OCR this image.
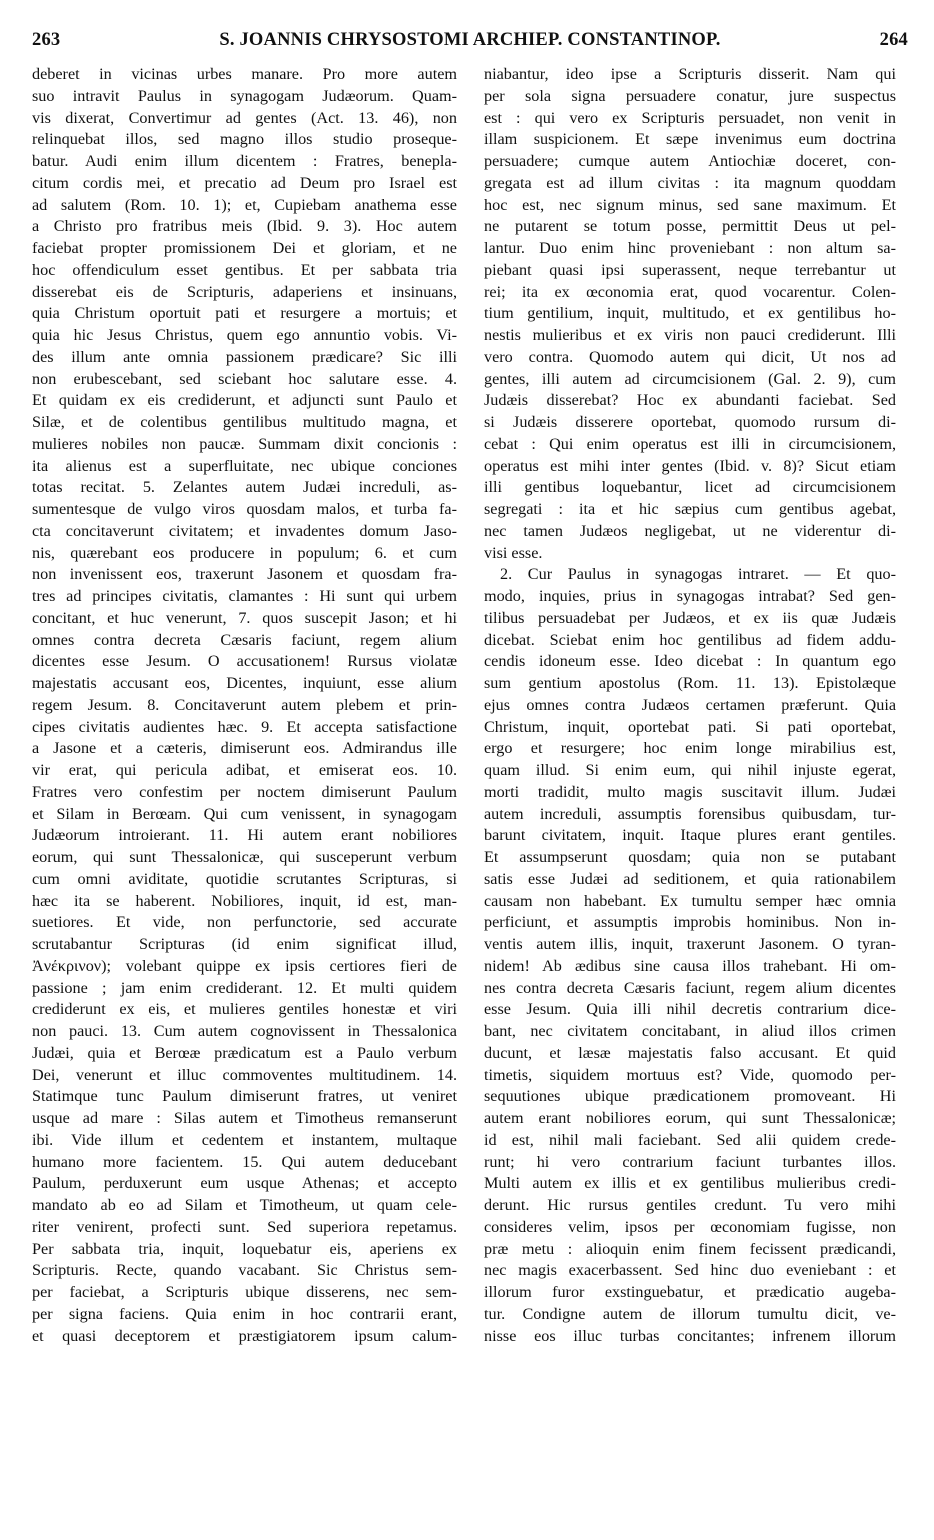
263	S. JOANNIS CHRYSOSTOMI ARCHIEP. CONSTANTINOP.	264
deberet in vicinas urbes manare. Pro more autem
suo intravit Paulus in synagogam Judæorum. Quam-
vis dixerat, Convertimur ad gentes (Act. 13. 46), non
relinquebat illos, sed magno illos studio proseque-
batur. Audi enim illum dicentem : Fratres, benepla-
citum cordis mei, et precatio ad Deum pro Israel est
ad salutem (Rom. 10. 1); et, Cupiebam anathema esse
a Christo pro fratribus meis (Ibid. 9. 3). Hoc autem
faciebat propter promissionem Dei et gloriam, et ne
hoc offendiculum esset gentibus. Et per sabbata tria
disserebat eis de Scripturis, adaperiens et insinuans,
quia Christum oportuit pati et resurgere a mortuis; et
quia hic Jesus Christus, quem ego annuntio vobis. Vi-
des illum ante omnia passionem prædicare? Sic illi
non erubescebant, sed sciebant hoc salutare esse. 4.
Et quidam ex eis crediderunt, et adjuncti sunt Paulo et
Silæ, et de colentibus gentilibus multitudo magna, et
mulieres nobiles non paucæ. Summam dixit concionis :
ita alienus est a superfluitate, nec ubique conciones
totas recitat. 5. Zelantes autem Judæi increduli, as-
sumentesque de vulgo viros quosdam malos, et turba fa-
cta concitaverunt civitatem; et invadentes domum Jaso-
nis, quærebant eos producere in populum; 6. et cum
non invenissent eos, traxerunt Jasonem et quosdam fra-
tres ad principes civitatis, clamantes : Hi sunt qui urbem
concitant, et huc venerunt, 7. quos suscepit Jason; et hi
omnes contra decreta Cæsaris faciunt, regem alium
dicentes esse Jesum. O accusationem! Rursus violatæ
majestatis accusant eos, Dicentes, inquiunt, esse alium
regem Jesum. 8. Concitaverunt autem plebem et prin-
cipes civitatis audientes hæc. 9. Et accepta satisfactione
a Jasone et a cæteris, dimiserunt eos. Admirandus ille
vir erat, qui pericula adibat, et emiserat eos. 10.
Fratres vero confestim per noctem dimiserunt Paulum
et Silam in Berœam. Qui cum venissent, in synagogam
Judæorum introierant. 11. Hi autem erant nobiliores
eorum, qui sunt Thessalonicæ, qui susceperunt verbum
cum omni aviditate, quotidie scrutantes Scripturas, si
hæc ita se haberent. Nobiliores, inquit, id est, man-
suetiores. Et vide, non perfunctorie, sed accurate
scrutabantur Scripturas (id enim significat illud,
Ἀνέκρινον); volebant quippe ex ipsis certiores fieri de
passione ; jam enim crediderant. 12. Et multi quidem
crediderunt ex eis, et mulieres gentiles honestæ et viri
non pauci. 13. Cum autem cognovissent in Thessalonica
Judæi, quia et Berœæ prædicatum est a Paulo verbum
Dei, venerunt et illuc commoventes multitudinem. 14.
Statimque tunc Paulum dimiserunt fratres, ut veniret
usque ad mare : Silas autem et Timotheus remanserunt
ibi. Vide illum et cedentem et instantem, multaque
humano more facientem. 15. Qui autem deducebant
Paulum, perduxerunt eum usque Athenas; et accepto
mandato ab eo ad Silam et Timotheum, ut quam cele-
riter venirent, profecti sunt. Sed superiora repetamus.
Per sabbata tria, inquit, loquebatur eis, aperiens ex
Scripturis. Recte, quando vacabant. Sic Christus sem-
per faciebat, a Scripturis ubique disserens, nec sem-
per signa faciens. Quia enim in hoc contrarii erant,
et quasi deceptorem et præstigiatorem ipsum calum-
niabantur, ideo ipse a Scripturis disserit. Nam qui
per sola signa persuadere conatur, jure suspectus
est : qui vero ex Scripturis persuadet, non venit in
illam suspicionem. Et sæpe invenimus eum doctrina
persuadere; cumque autem Antiochiæ doceret, con-
gregata est ad illum civitas : ita magnum quoddam
hoc est, nec signum minus, sed sane maximum. Et
ne putarent se totum posse, permittit Deus ut pel-
lantur. Duo enim hinc proveniebant : non altum sa-
piebant quasi ipsi superassent, neque terrebantur ut
rei; ita ex œconomia erat, quod vocarentur. Colen-
tium gentilium, inquit, multitudo, et ex gentilibus ho-
nestis mulieribus et ex viris non pauci crediderunt. Illi
vero contra. Quomodo autem qui dicit, Ut nos ad
gentes, illi autem ad circumcisionem (Gal. 2. 9), cum
Judæis disserebat? Hoc ex abundanti faciebat. Sed
si Judæis disserere oportebat, quomodo rursum di-
cebat : Qui enim operatus est illi in circumcisionem,
operatus est mihi inter gentes (Ibid. v. 8)? Sicut etiam
illi gentibus loquebantur, licet ad circumcisionem
segregati : ita et hic sæpius cum gentibus agebat,
nec tamen Judæos negligebat, ut ne viderentur di-
visi esse.
2. Cur Paulus in synagogas intraret. — Et quo-
modo, inquies, prius in synagogas intrabat? Sed gen-
tilibus persuadebat per Judæos, et ex iis quæ Judæis
dicebat. Sciebat enim hoc gentilibus ad fidem addu-
cendis idoneum esse. Ideo dicebat : In quantum ego
sum gentium apostolus (Rom. 11. 13). Epistolæque
ejus omnes contra Judæos certamen præferunt. Quia
Christum, inquit, oportebat pati. Si pati oportebat,
ergo et resurgere; hoc enim longe mirabilius est,
quam illud. Si enim eum, qui nihil injuste egerat,
morti tradidit, multo magis suscitavit illum. Judæi
autem increduli, assumptis forensibus quibusdam, tur-
barunt civitatem, inquit. Itaque plures erant gentiles.
Et assumpserunt quosdam; quia non se putabant
satis esse Judæi ad seditionem, et quia rationabilem
causam non habebant. Ex tumultu semper hæc omnia
perficiunt, et assumptis improbis hominibus. Non in-
ventis autem illis, inquit, traxerunt Jasonem. O tyran-
nidem! Ab ædibus sine causa illos trahebant. Hi om-
nes contra decreta Cæsaris faciunt, regem alium dicentes
esse Jesum. Quia illi nihil decretis contrarium dice-
bant, nec civitatem concitabant, in aliud illos crimen
ducunt, et læsæ majestatis falso accusant. Et quid
timetis, siquidem mortuus est? Vide, quomodo per-
sequutiones ubique prædicationem promoveant. Hi
autem erant nobiliores eorum, qui sunt Thessalonicæ;
id est, nihil mali faciebant. Sed alii quidem crede-
runt; hi vero contrarium faciunt turbantes illos.
Multi autem ex illis et ex gentilibus mulieribus credi-
derunt. Hic rursus gentiles credunt. Tu vero mihi
consideres velim, ipsos per œconomiam fugisse, non
præ metu : alioquin enim finem fecissent prædicandi,
nec magis exacerbassent. Sed hinc duo eveniebant : et
illorum furor exstinguebatur, et prædicatio augeba-
tur. Condigne autem de illorum tumultu dicit, ve-
nisse eos illuc turbas concitantes; infrenem illorum
